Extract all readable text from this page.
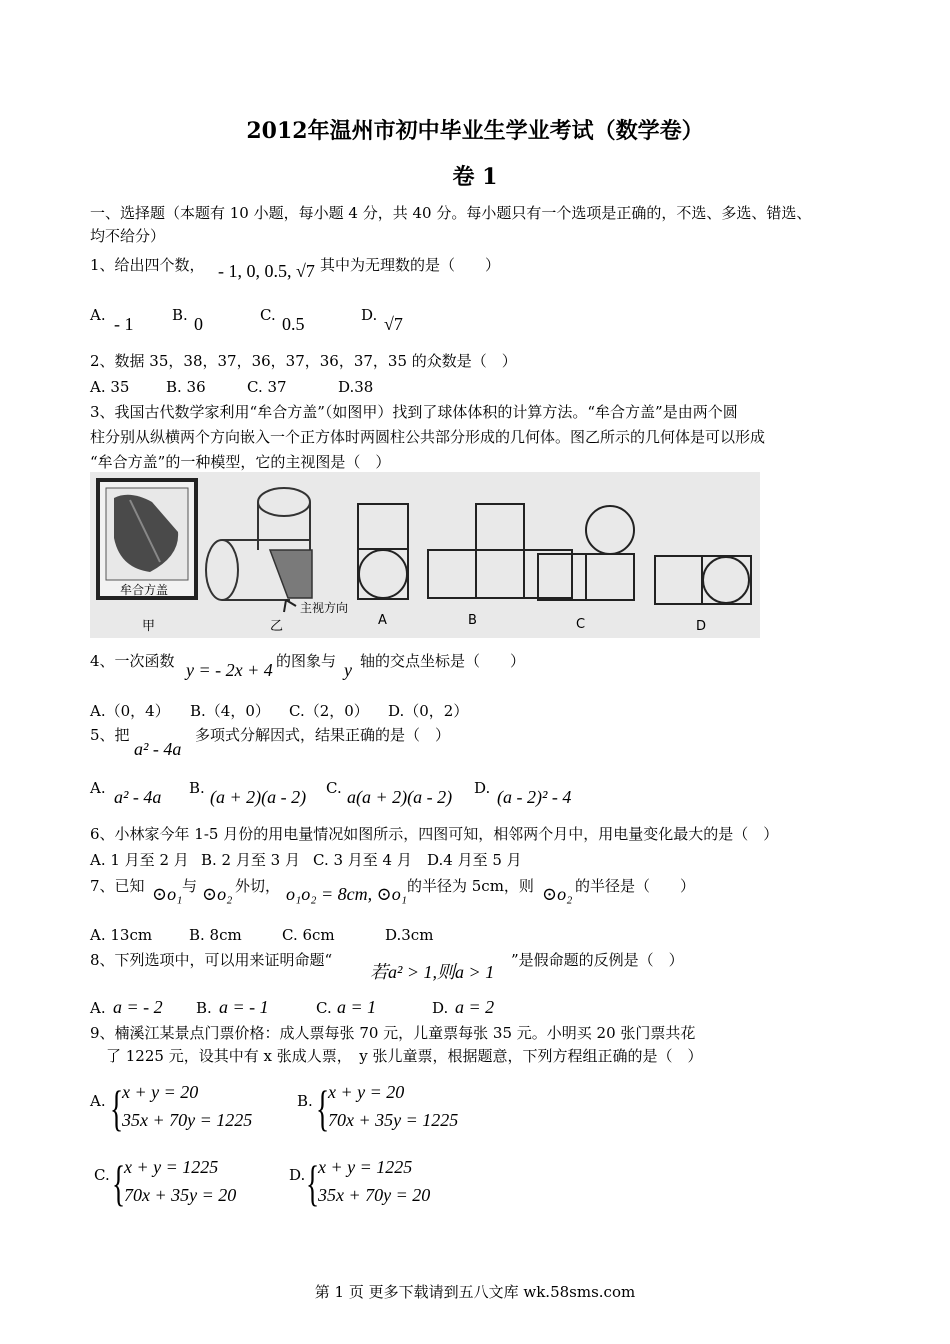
2012年温州市初中毕业生学业考试（数学卷）
卷 1
一、选择题（本题有 10 小题，每小题 4 分，共 40 分。每小题只有一个选项是正确的，不选、多选、错选、
均不给分）
1、给出四个数， - 1, 0, 0.5, √7 其中为无理数的是（　　）
A. - 1	B. 0	C. 0.5	D. √7
2、数据 35，38，37，36，37，36，37，35 的众数是（　）
A. 35 B. 36	C. 37	D.38
3、我国古代数学家利用“牟合方盖”（如图甲）找到了球体体积的计算方法。“牟合方盖”是由两个圆
柱分别从纵横两个方向嵌入一个正方体时两圆柱公共部分形成的几何体。图乙所示的几何体是可以形成
“牟合方盖”的一种模型，它的主视图是（　）
牟合方盖
甲
主视方向
乙	A	B	C	D
4、一次函数 y = - 2x + 4 的图象与 y 轴的交点坐标是（　　）
A.（0，4） B.（4，0） C.（2，0） D.（0，2）
5、把
a² - 4a
多项式分解因式，结果正确的是（　）
A. a² - 4a B. (a + 2)(a - 2) C. a(a + 2)(a - 2) D. (a - 2)² - 4
6、小林家今年 1-5 月份的用电量情况如图所示，四图可知，相邻两个月中，用电量变化最大的是（　）
A. 1 月至 2 月 B. 2 月至 3 月 C. 3 月至 4 月 D.4 月至 5 月
7、已知 ⊙o₁ 与 ⊙o₂ 外切， o₁o₂ = 8cm, ⊙o₁ 的半径为 5cm，则 ⊙o₂ 的半径是（　　）
A. 13cm B. 8cm	C. 6cm	D.3cm
8、下列选项中，可以用来证明命题“
若a² > 1,则a > 1
”是假命题的反例是（　）
A. a = - 2 B. a = - 1	C. a = 1	D. a = 2
9、楠溪江某景点门票价格：成人票每张 70 元，儿童票每张 35 元。小明买 20 张门票共花
了 1225 元，设其中有 x 张成人票，　y 张儿童票，根据题意，下列方程组正确的是（　）
A. {
x + y = 20
35x + 70y = 1225
B. {
x + y = 20
70x + 35y = 1225
C. {
x + y = 1225
70x + 35y = 20
D. {
x + y = 1225
35x + 70y = 20
第 1 页 更多下载请到五八文库 wk.58sms.com
